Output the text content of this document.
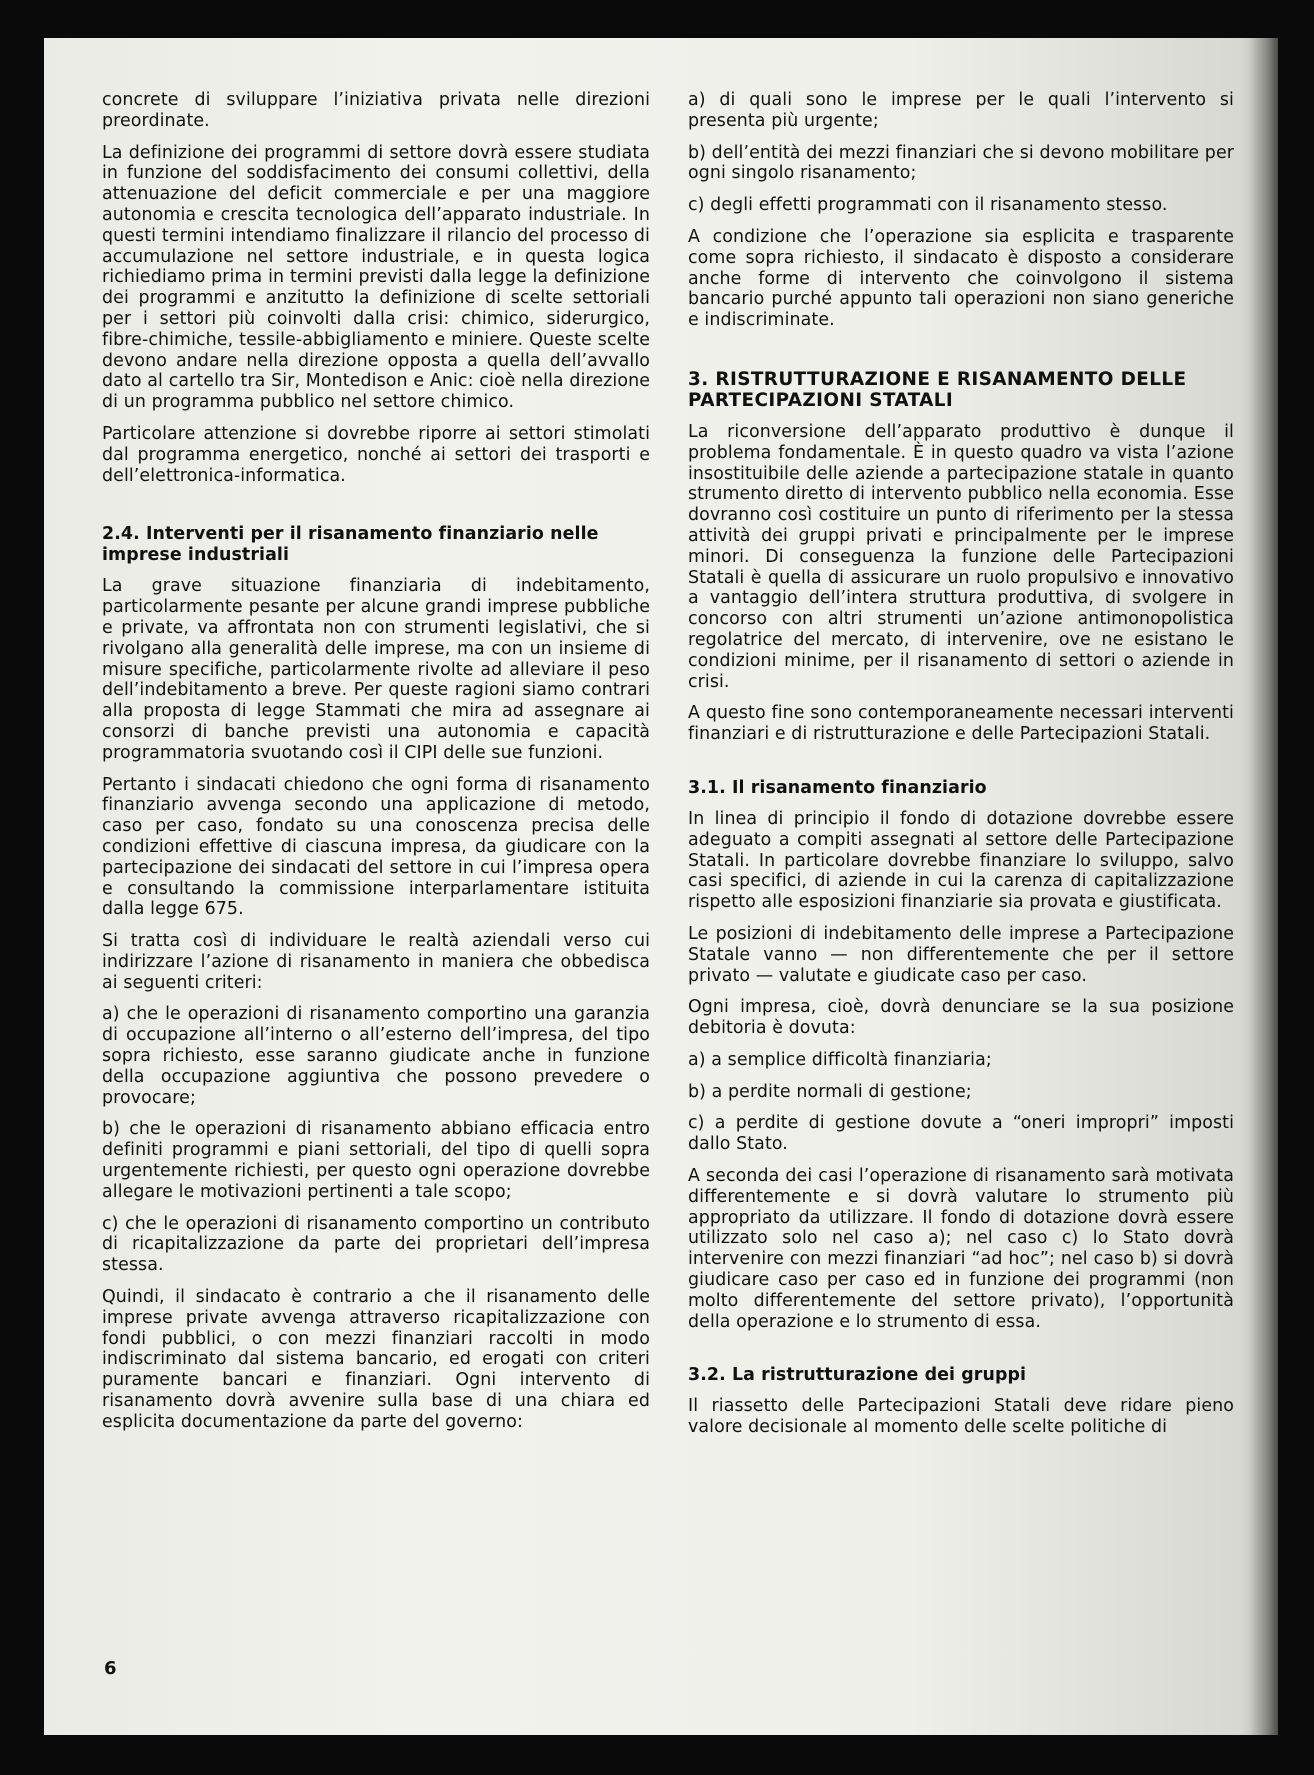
concrete di sviluppare l’iniziativa privata nelle direzioni preordinate.

La definizione dei programmi di settore dovrà essere studiata in funzione del soddisfacimento dei consumi collettivi, della attenuazione del deficit commerciale e per una maggiore autonomia e crescita tecnologica dell’apparato industriale. In questi termini intendiamo finalizzare il rilancio del processo di accumulazione nel settore industriale, e in questa logica richiediamo prima in termini previsti dalla legge la definizione dei programmi e anzitutto la definizione di scelte settoriali per i settori più coinvolti dalla crisi: chimico, siderurgico, fibre-chimiche, tessile-abbigliamento e miniere. Queste scelte devono andare nella direzione opposta a quella dell’avvallo dato al cartello tra Sir, Montedison e Anic: cioè nella direzione di un programma pubblico nel settore chimico.

Particolare attenzione si dovrebbe riporre ai settori stimolati dal programma energetico, nonché ai settori dei trasporti e dell’elettronica-informatica.

2.4. Interventi per il risanamento finanziario nelle imprese industriali

La grave situazione finanziaria di indebitamento, particolarmente pesante per alcune grandi imprese pubbliche e private, va affrontata non con strumenti legislativi, che si rivolgano alla generalità delle imprese, ma con un insieme di misure specifiche, particolarmente rivolte ad alleviare il peso dell’indebitamento a breve. Per queste ragioni siamo contrari alla proposta di legge Stammati che mira ad assegnare ai consorzi di banche previsti una autonomia e capacità programmatoria svuotando così il CIPI delle sue funzioni.

Pertanto i sindacati chiedono che ogni forma di risanamento finanziario avvenga secondo una applicazione di metodo, caso per caso, fondato su una conoscenza precisa delle condizioni effettive di ciascuna impresa, da giudicare con la partecipazione dei sindacati del settore in cui l’impresa opera e consultando la commissione interparlamentare istituita dalla legge 675.

Si tratta così di individuare le realtà aziendali verso cui indirizzare l’azione di risanamento in maniera che obbedisca ai seguenti criteri:

a) che le operazioni di risanamento comportino una garanzia di occupazione all’interno o all’esterno dell’impresa, del tipo sopra richiesto, esse saranno giudicate anche in funzione della occupazione aggiuntiva che possono prevedere o provocare;

b) che le operazioni di risanamento abbiano efficacia entro definiti programmi e piani settoriali, del tipo di quelli sopra urgentemente richiesti, per questo ogni operazione dovrebbe allegare le motivazioni pertinenti a tale scopo;

c) che le operazioni di risanamento comportino un contributo di ricapitalizzazione da parte dei proprietari dell’impresa stessa.

Quindi, il sindacato è contrario a che il risanamento delle imprese private avvenga attraverso ricapitalizzazione con fondi pubblici, o con mezzi finanziari raccolti in modo indiscriminato dal sistema bancario, ed erogati con criteri puramente bancari e finanziari. Ogni intervento di risanamento dovrà avvenire sulla base di una chiara ed esplicita documentazione da parte del governo:

a) di quali sono le imprese per le quali l’intervento si presenta più urgente;

b) dell’entità dei mezzi finanziari che si devono mobilitare per ogni singolo risanamento;

c) degli effetti programmati con il risanamento stesso.

A condizione che l’operazione sia esplicita e trasparente come sopra richiesto, il sindacato è disposto a considerare anche forme di intervento che coinvolgono il sistema bancario purché appunto tali operazioni non siano generiche e indiscriminate.

3. RISTRUTTURAZIONE E RISANAMENTO DELLE PARTECIPAZIONI STATALI

La riconversione dell’apparato produttivo è dunque il problema fondamentale. È in questo quadro va vista l’azione insostituibile delle aziende a partecipazione statale in quanto strumento diretto di intervento pubblico nella economia. Esse dovranno così costituire un punto di riferimento per la stessa attività dei gruppi privati e principalmente per le imprese minori. Di conseguenza la funzione delle Partecipazioni Statali è quella di assicurare un ruolo propulsivo e innovativo a vantaggio dell’intera struttura produttiva, di svolgere in concorso con altri strumenti un’azione antimonopolistica regolatrice del mercato, di intervenire, ove ne esistano le condizioni minime, per il risanamento di settori o aziende in crisi.

A questo fine sono contemporaneamente necessari interventi finanziari e di ristrutturazione e delle Partecipazioni Statali.

3.1. Il risanamento finanziario

In linea di principio il fondo di dotazione dovrebbe essere adeguato a compiti assegnati al settore delle Partecipazione Statali. In particolare dovrebbe finanziare lo sviluppo, salvo casi specifici, di aziende in cui la carenza di capitalizzazione rispetto alle esposizioni finanziarie sia provata e giustificata.

Le posizioni di indebitamento delle imprese a Partecipazione Statale vanno — non differentemente che per il settore privato — valutate e giudicate caso per caso.

Ogni impresa, cioè, dovrà denunciare se la sua posizione debitoria è dovuta:

a) a semplice difficoltà finanziaria;

b) a perdite normali di gestione;

c) a perdite di gestione dovute a “oneri impropri” imposti dallo Stato.

A seconda dei casi l’operazione di risanamento sarà motivata differentemente e si dovrà valutare lo strumento più appropriato da utilizzare. Il fondo di dotazione dovrà essere utilizzato solo nel caso a); nel caso c) lo Stato dovrà intervenire con mezzi finanziari “ad hoc”; nel caso b) si dovrà giudicare caso per caso ed in funzione dei programmi (non molto differentemente del settore privato), l’opportunità della operazione e lo strumento di essa.

3.2. La ristrutturazione dei gruppi

Il riassetto delle Partecipazioni Statali deve ridare pieno valore decisionale al momento delle scelte politiche di

6
